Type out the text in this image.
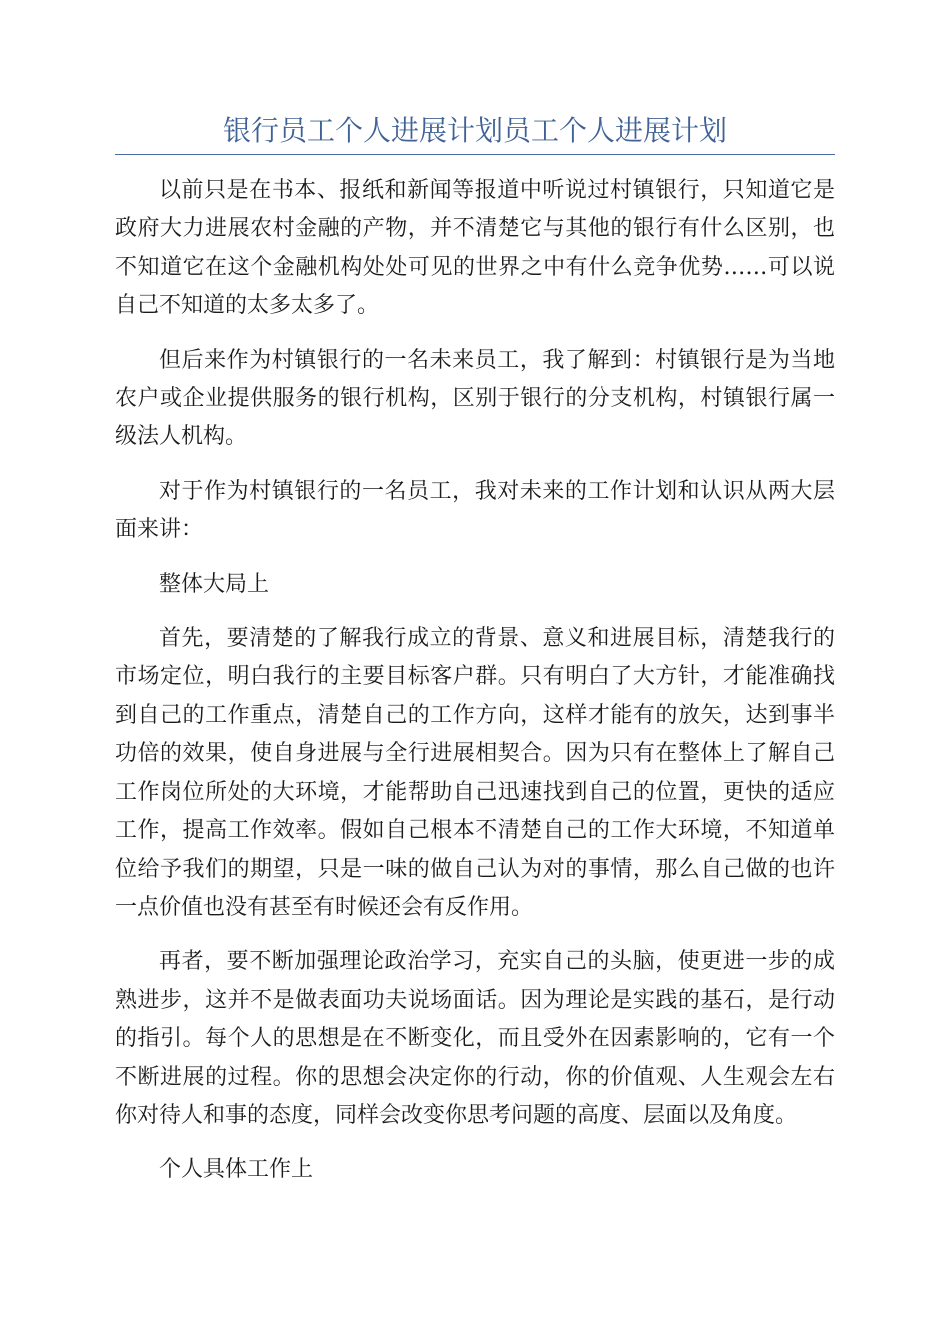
银行员工个人进展计划员工个人进展计划

以前只是在书本、报纸和新闻等报道中听说过村镇银行，只知道它是政府大力进展农村金融的产物，并不清楚它与其他的银行有什么区别，也不知道它在这个金融机构处处可见的世界之中有什么竞争优势……可以说自己不知道的太多太多了。

但后来作为村镇银行的一名未来员工，我了解到：村镇银行是为当地农户或企业提供服务的银行机构，区别于银行的分支机构，村镇银行属一级法人机构。

对于作为村镇银行的一名员工，我对未来的工作计划和认识从两大层面来讲：

整体大局上

首先，要清楚的了解我行成立的背景、意义和进展目标，清楚我行的市场定位，明白我行的主要目标客户群。只有明白了大方针，才能准确找到自己的工作重点，清楚自己的工作方向，这样才能有的放矢，达到事半功倍的效果，使自身进展与全行进展相契合。因为只有在整体上了解自己工作岗位所处的大环境，才能帮助自己迅速找到自己的位置，更快的适应工作，提高工作效率。假如自己根本不清楚自己的工作大环境，不知道单位给予我们的期望，只是一味的做自己认为对的事情，那么自己做的也许一点价值也没有甚至有时候还会有反作用。

再者，要不断加强理论政治学习，充实自己的头脑，使更进一步的成熟进步，这并不是做表面功夫说场面话。因为理论是实践的基石，是行动的指引。每个人的思想是在不断变化，而且受外在因素影响的，它有一个不断进展的过程。你的思想会决定你的行动，你的价值观、人生观会左右你对待人和事的态度，同样会改变你思考问题的高度、层面以及角度。

个人具体工作上
